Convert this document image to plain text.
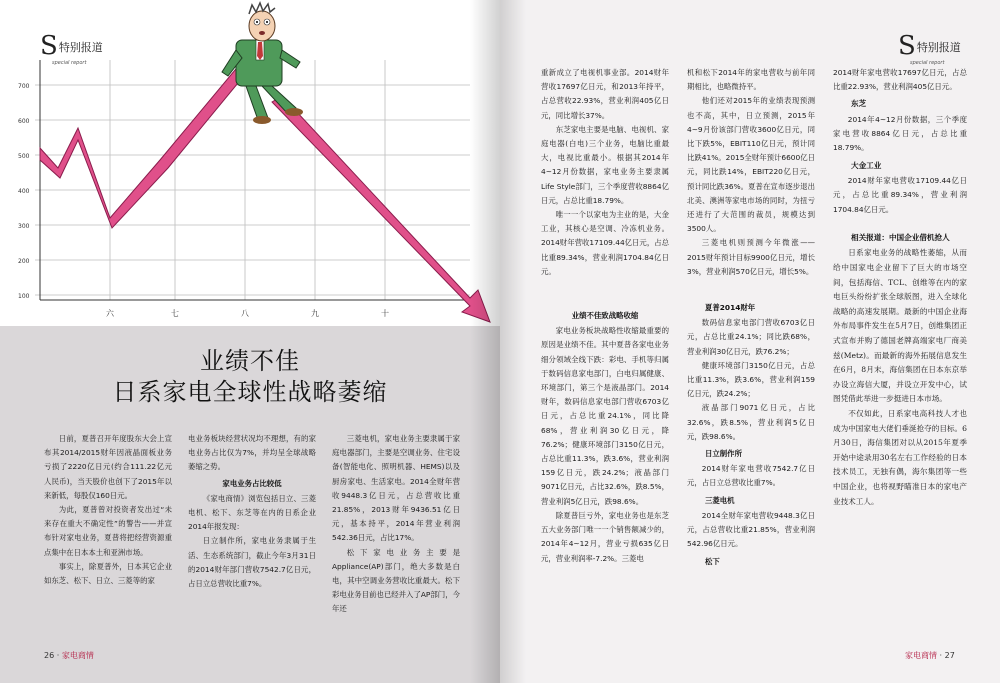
700
600
500
400
300
200
100
六	七	八	九	十
S 特别报道
special report
业绩不佳
日系家电全球性战略萎缩

日前，夏普召开年度股东大会上宣布其2014/2015财年因液晶面板业务亏损了2220亿日元(约合111.22亿元人民币)，当天股价也创下了2015年以来新低，每股仅160日元。

为此，夏普曾对投资者发出过“未来存在重大不确定性”的警告——并宣布针对家电业务，夏普将把经营资源重点集中在日本本土和亚洲市场。

事实上，除夏普外，日本其它企业如东芝、松下、日立、三菱等的家

电业务板块经营状况均不理想，有的家电业务占比仅为7%，并均呈全球战略萎缩之势。

家电业务占比较低

《家电商情》浏览包括日立、三菱电机、松下、东芝等在内的日系企业2014年报发现：

日立制作所，家电业务隶属于生活、生态系统部门，截止今年3月31日的2014财年部门营收7542.7亿日元，占日立总营收比重7%。

三菱电机，家电业务主要隶属于家庭电器部门，主要是空调业务、住宅设备(智能电化、照明机器、HEMS)以及厨房家电、生活家电。2014全财年营收9448.3亿日元，占总营收比重21.85%，2013财年9436.51亿日元，基本持平，2014年营业利润542.36日元，占比17%。

松下家电业务主要是Appliance(AP)部门，绝大多数是白电，其中空调业务营收比重最大。松下彩电业务目前也已经并入了AP部门，今年还

26 · 家电商情
S 特别报道
special report

重新成立了电视机事业部。2014财年营收17697亿日元，和2013年持平，占总营收22.93%，营业利润405亿日元，同比增长37%。

东芝家电主要是电脑、电视机、家庭电器(白电)三个业务，电脑比重最大，电视比重最小。根据其2014年4~12月份数据，家电业务主要隶属Life Style部门，三个季度营收8864亿日元，占总比重18.79%。

唯一一个以家电为主业的是，大金工业，其核心是空调、冷冻机业务。2014财年营收17109.44亿日元，占总比重89.34%，营业利润1704.84亿日元。

业绩不佳致战略收缩

家电业务板块战略性收缩最重要的原因是业绩不佳。其中夏普各家电业务细分领域全线下跌：彩电、手机等归属于数码信息家电部门，白电归属健康、环境部门，第三个是液晶部门。2014财年，数码信息家电部门营收6703亿日元，占总比重24.1%，同比降68%，营业利润30亿日元，降76.2%；健康环境部门3150亿日元，占总比重11.3%，跌3.6%，营业利润159亿日元，跌24.2%；液晶部门9071亿日元，占比32.6%，跌8.5%，营业利润5亿日元，跌98.6%。

除夏普巨亏外，家电业务也是东芝五大业务部门唯一一个销售额减少的，2014年4~12月，营业亏损635亿日元，营业利润率-7.2%。三菱电

机和松下2014年的家电营收与前年同期相比，也略微持平。

他们还对2015年的业绩表现预测也不高，其中，日立预测，2015年4~9月份该部门营收3600亿日元，同比下跌5%，EBIT110亿日元，预计同比跌41%。2015全财年预计6600亿日元，同比跌14%，EBIT220亿日元，预计同比跌36%。夏普在宣布逐步退出北美、澳洲等家电市场的同时，为扭亏还进行了大范围的裁员，规模达到3500人。

三菱电机则预测今年微涨——2015财年预计目标9900亿日元，增长3%，营业利润570亿日元，增长5%。

夏普2014财年

数码信息家电部门营收6703亿日元，占总比重24.1%；同比跌68%，营业利润30亿日元，跌76.2%；

健康环境部门3150亿日元，占总比重11.3%，跌3.6%，营业利润159亿日元，跌24.2%；

液晶部门9071亿日元，占比32.6%，跌8.5%，营业利润5亿日元，跌98.6%。

日立制作所

2014财年家电营收7542.7亿日元，占日立总营收比重7%。

三菱电机

2014全财年家电营收9448.3亿日元，占总营收比重21.85%，营业利润542.96亿日元。

松下

2014财年家电营收17697亿日元，占总比重22.93%，营业利润405亿日元。

东芝

2014年4~12月份数据，三个季度家电营收8864亿日元，占总比重18.79%。

大金工业

2014财年家电营收17109.44亿日元，占总比重89.34%，营业利润1704.84亿日元。

相关报道：中国企业借机抢人

日系家电业务的战略性萎缩，从而给中国家电企业留下了巨大的市场空间，包括海信、TCL、创维等在内的家电巨头纷纷扩张全球版图，进入全球化战略的高速发展期。最新的中国企业海外布局事件发生在5月7日，创维集团正式宣布并购了德国老牌高端家电厂商美兹(Metz)。而最新的海外拓展信息发生在6月，8月末，海信集团在日本东京举办设立海信大厦，并设立开发中心，试图凭借此举进一步挺进日本市场。

不仅如此，日系家电高科技人才也成为中国家电大佬们垂涎抢夺的目标。6月30日，海信集团对以从2015年夏季开始中途录用30名左右工作经验的日本技术员工，无独有偶，海尔集团等一些中国企业，也将视野瞄准日本的家电产业技术工人。

家电商情 · 27
